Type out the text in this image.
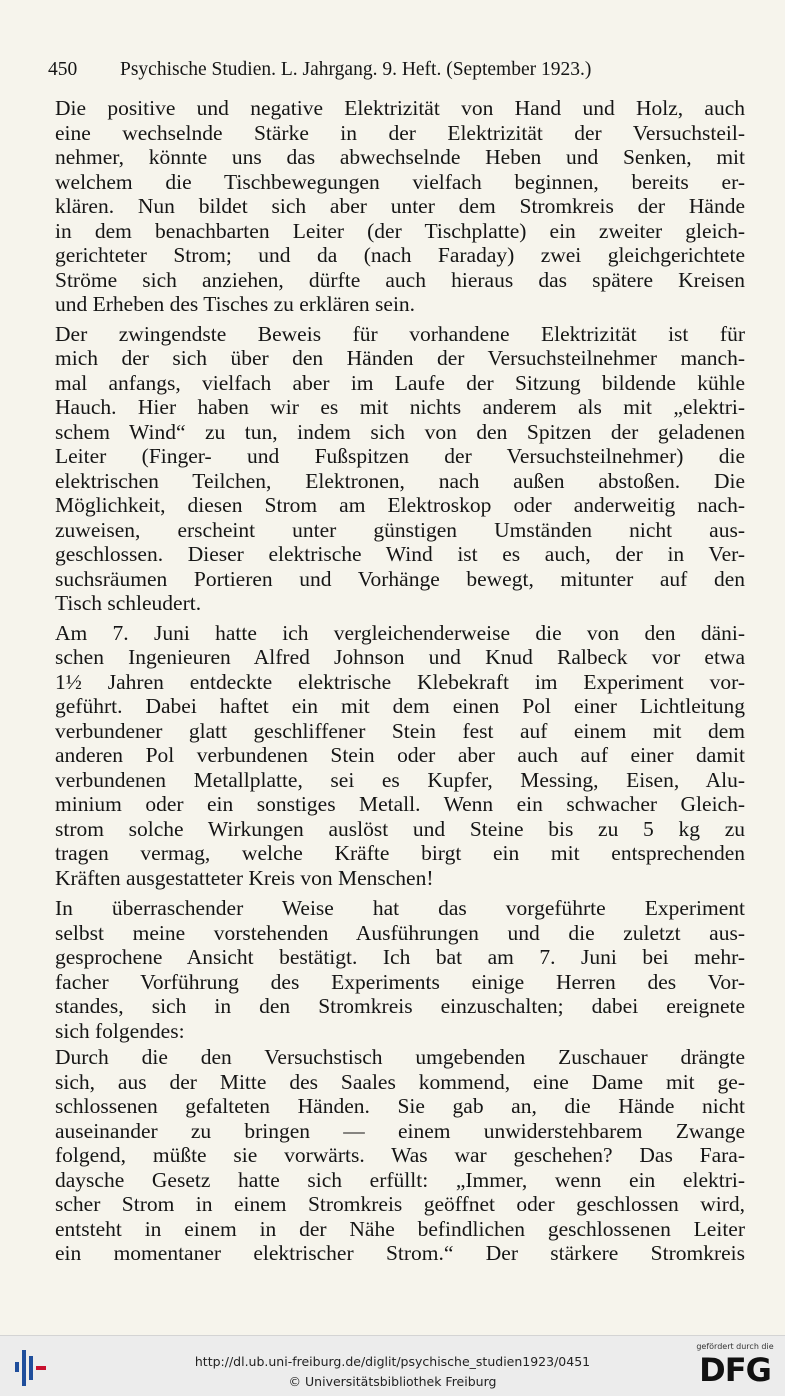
450 Psychische Studien. L. Jahrgang. 9. Heft. (September 1923.)
Die positive und negative Elektrizität von Hand und Holz, auch
eine wechselnde Stärke in der Elektrizität der Versuchsteil-
nehmer, könnte uns das abwechselnde Heben und Senken, mit
welchem die Tischbewegungen vielfach beginnen, bereits er-
klären. Nun bildet sich aber unter dem Stromkreis der Hände
in dem benachbarten Leiter (der Tischplatte) ein zweiter gleich-
gerichteter Strom; und da (nach Faraday) zwei gleichgerichtete
Ströme sich anziehen, dürfte auch hieraus das spätere Kreisen
und Erheben des Tisches zu erklären sein.
Der zwingendste Beweis für vorhandene Elektrizität ist für
mich der sich über den Händen der Versuchsteilnehmer manch-
mal anfangs, vielfach aber im Laufe der Sitzung bildende kühle
Hauch. Hier haben wir es mit nichts anderem als mit „elektri-
schem Wind“ zu tun, indem sich von den Spitzen der geladenen
Leiter (Finger- und Fußspitzen der Versuchsteilnehmer) die
elektrischen Teilchen, Elektronen, nach außen abstoßen. Die
Möglichkeit, diesen Strom am Elektroskop oder anderweitig nach-
zuweisen, erscheint unter günstigen Umständen nicht aus-
geschlossen. Dieser elektrische Wind ist es auch, der in Ver-
suchsräumen Portieren und Vorhänge bewegt, mitunter auf den
Tisch schleudert.
Am 7. Juni hatte ich vergleichenderweise die von den däni-
schen Ingenieuren Alfred Johnson und Knud Ralbeck vor etwa
1½ Jahren entdeckte elektrische Klebekraft im Experiment vor-
geführt. Dabei haftet ein mit dem einen Pol einer Lichtleitung
verbundener glatt geschliffener Stein fest auf einem mit dem
anderen Pol verbundenen Stein oder aber auch auf einer damit
verbundenen Metallplatte, sei es Kupfer, Messing, Eisen, Alu-
minium oder ein sonstiges Metall. Wenn ein schwacher Gleich-
strom solche Wirkungen auslöst und Steine bis zu 5 kg zu
tragen vermag, welche Kräfte birgt ein mit entsprechenden
Kräften ausgestatteter Kreis von Menschen!
In überraschender Weise hat das vorgeführte Experiment
selbst meine vorstehenden Ausführungen und die zuletzt aus-
gesprochene Ansicht bestätigt. Ich bat am 7. Juni bei mehr-
facher Vorführung des Experiments einige Herren des Vor-
standes, sich in den Stromkreis einzuschalten; dabei ereignete
sich folgendes:
Durch die den Versuchstisch umgebenden Zuschauer drängte
sich, aus der Mitte des Saales kommend, eine Dame mit ge-
schlossenen gefalteten Händen. Sie gab an, die Hände nicht
auseinander zu bringen — einem unwiderstehbarem Zwange
folgend, müßte sie vorwärts. Was war geschehen? Das Fara-
daysche Gesetz hatte sich erfüllt: „Immer, wenn ein elektri-
scher Strom in einem Stromkreis geöffnet oder geschlossen wird,
entsteht in einem in der Nähe befindlichen geschlossenen Leiter
ein momentaner elektrischer Strom.“ Der stärkere Stromkreis
http://dl.ub.uni-freiburg.de/diglit/psychische_studien1923/0451
© Universitätsbibliothek Freiburg
gefördert durch die
DFG
